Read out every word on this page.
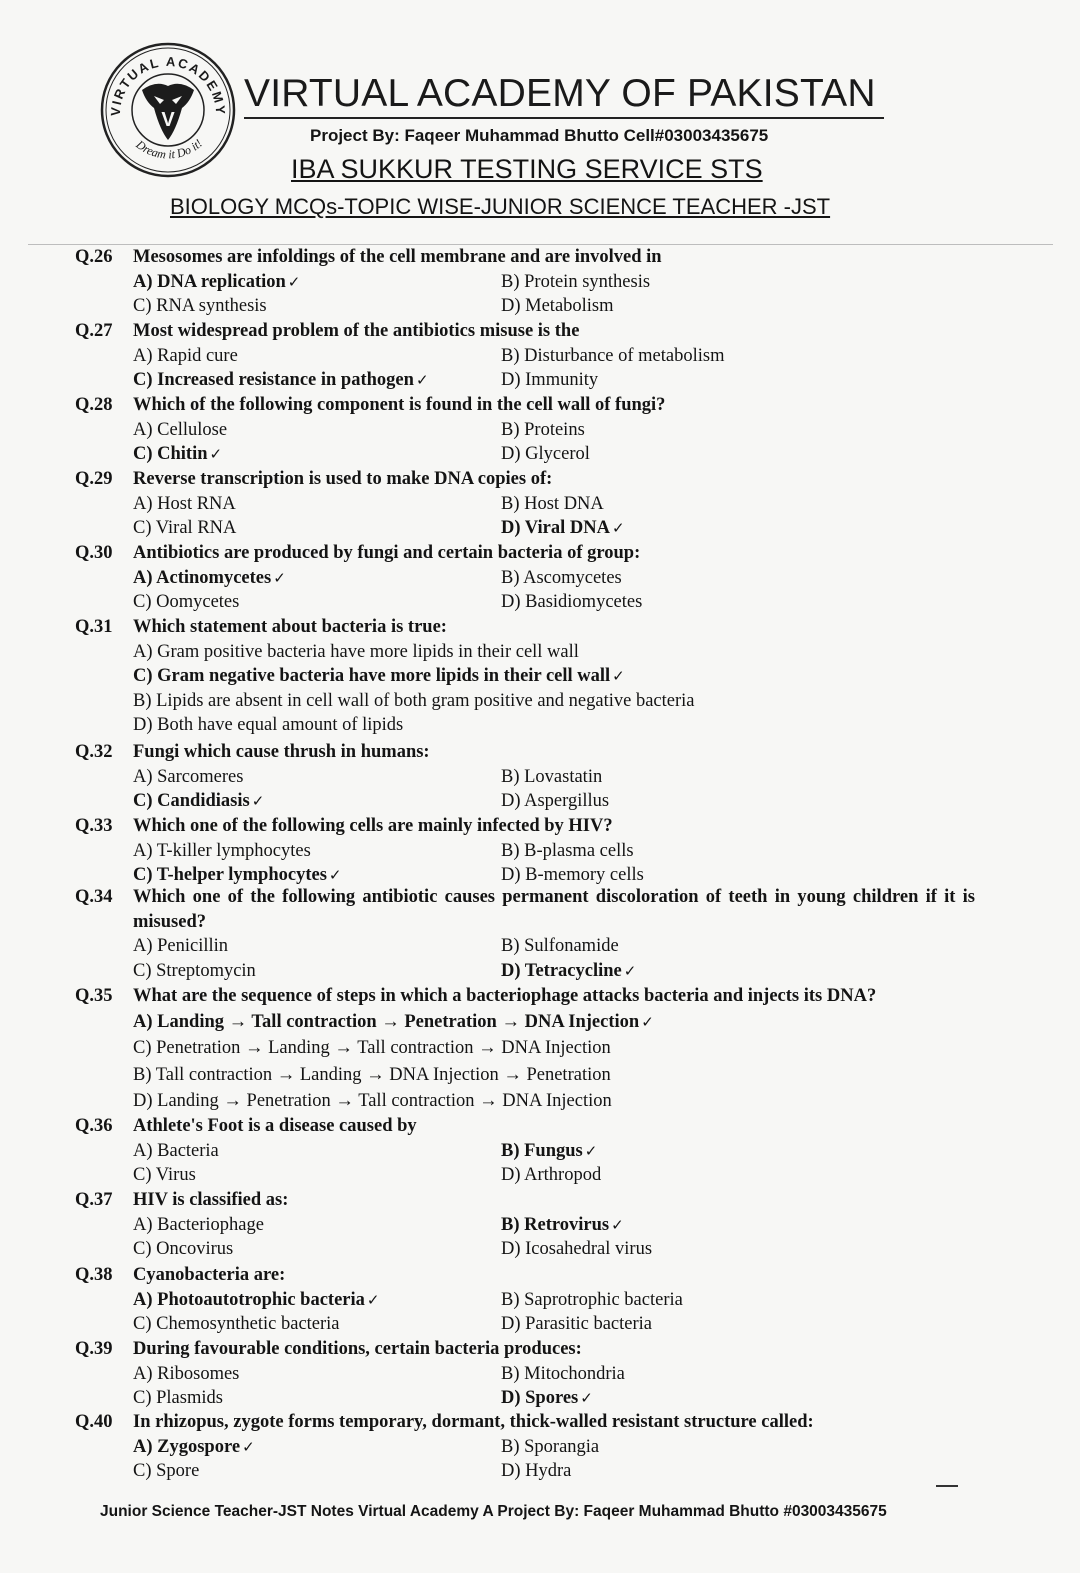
VIRTUAL ACADEMY
Dream it Do it!
V
VIRTUAL ACADEMY OF PAKISTAN
Project By: Faqeer Muhammad Bhutto Cell#03003435675
IBA SUKKUR TESTING SERVICE STS
BIOLOGY MCQs-TOPIC WISE-JUNIOR SCIENCE TEACHER -JST
Q.26	Mesosomes are infoldings of the cell membrane and are involved in
A) DNA replication ✓	B) Protein synthesis
C) RNA synthesis	D) Metabolism
Q.27	Most widespread problem of the antibiotics misuse is the
A) Rapid cure	B) Disturbance of metabolism
C) Increased resistance in pathogen ✓	D) Immunity
Q.28	Which of the following component is found in the cell wall of fungi?
A) Cellulose	B) Proteins
C) Chitin ✓	D) Glycerol
Q.29	Reverse transcription is used to make DNA copies of:
A) Host RNA	B) Host DNA
C) Viral RNA	D) Viral DNA ✓
Q.30	Antibiotics are produced by fungi and certain bacteria of group:
A) Actinomycetes ✓	B) Ascomycetes
C) Oomycetes	D) Basidiomycetes
Q.31	Which statement about bacteria is true:
A) Gram positive bacteria have more lipids in their cell wall
C) Gram negative bacteria have more lipids in their cell wall ✓
B) Lipids are absent in cell wall of both gram positive and negative bacteria
D) Both have equal amount of lipids
Q.32	Fungi which cause thrush in humans:
A) Sarcomeres	B) Lovastatin
C) Candidiasis ✓	D) Aspergillus
Q.33	Which one of the following cells are mainly infected by HIV?
A) T-killer lymphocytes	B) B-plasma cells
C) T-helper lymphocytes ✓	D) B-memory cells
Q.34	Which one of the following antibiotic causes permanent discoloration of teeth in young children if it is misused?
A) Penicillin	B) Sulfonamide
C) Streptomycin	D) Tetracycline ✓
Q.35	What are the sequence of steps in which a bacteriophage attacks bacteria and injects its DNA?
A) Landing → Tall contraction → Penetration → DNA Injection ✓
C) Penetration → Landing → Tall contraction → DNA Injection
B) Tall contraction → Landing → DNA Injection → Penetration
D) Landing → Penetration → Tall contraction → DNA Injection
Q.36	Athlete's Foot is a disease caused by
A) Bacteria	B) Fungus ✓
C) Virus	D) Arthropod
Q.37	HIV is classified as:
A) Bacteriophage	B) Retrovirus ✓
C) Oncovirus	D) Icosahedral virus
Q.38	Cyanobacteria are:
A) Photoautotrophic bacteria ✓	B) Saprotrophic bacteria
C) Chemosynthetic bacteria	D) Parasitic bacteria
Q.39	During favourable conditions, certain bacteria produces:
A) Ribosomes	B) Mitochondria
C) Plasmids	D) Spores ✓
Q.40	In rhizopus, zygote forms temporary, dormant, thick-walled resistant structure called:
A) Zygospore ✓	B) Sporangia
C) Spore	D) Hydra
Junior Science Teacher-JST Notes Virtual Academy A Project By: Faqeer Muhammad Bhutto #03003435675
